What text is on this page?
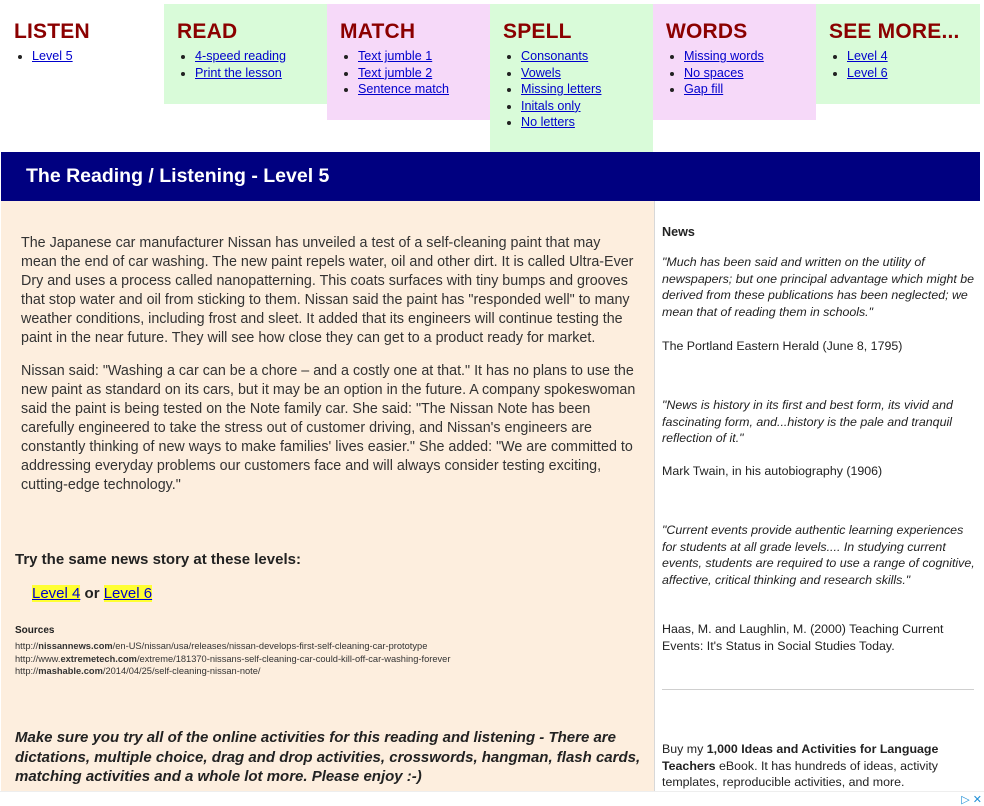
LISTEN
• Level 5
READ
• 4-speed reading
• Print the lesson
MATCH
• Text jumble 1
• Text jumble 2
• Sentence match
SPELL
• Consonants
• Vowels
• Missing letters
• Initals only
• No letters
WORDS
• Missing words
• No spaces
• Gap fill
SEE MORE...
• Level 4
• Level 6
The Reading / Listening - Level 5

The Japanese car manufacturer Nissan has unveiled a test of a self-cleaning paint that may mean the end of car washing. The new paint repels water, oil and other dirt. It is called Ultra-Ever Dry and uses a process called nanopatterning. This coats surfaces with tiny bumps and grooves that stop water and oil from sticking to them. Nissan said the paint has "responded well" to many weather conditions, including frost and sleet. It added that its engineers will continue testing the paint in the near future. They will see how close they can get to a product ready for market.

Nissan said: "Washing a car can be a chore – and a costly one at that." It has no plans to use the new paint as standard on its cars, but it may be an option in the future. A company spokeswoman said the paint is being tested on the Note family car. She said: "The Nissan Note has been carefully engineered to take the stress out of customer driving, and Nissan's engineers are constantly thinking of new ways to make families' lives easier." She added: "We are committed to addressing everyday problems our customers face and will always consider testing exciting, cutting-edge technology."

Try the same news story at these levels:
Level 4 or Level 6
Sources
http://nissannews.com/en-US/nissan/usa/releases/nissan-develops-first-self-cleaning-car-prototype
http://www.extremetech.com/extreme/181370-nissans-self-cleaning-car-could-kill-off-car-washing-forever
http://mashable.com/2014/04/25/self-cleaning-nissan-note/

Make sure you try all of the online activities for this reading and listening - There are dictations, multiple choice, drag and drop activities, crosswords, hangman, flash cards, matching activities and a whole lot more. Please enjoy :-)

News

"Much has been said and written on the utility of newspapers; but one principal advantage which might be derived from these publications has been neglected; we mean that of reading them in schools."

The Portland Eastern Herald (June 8, 1795)

"News is history in its first and best form, its vivid and fascinating form, and...history is the pale and tranquil reflection of it."

Mark Twain, in his autobiography (1906)

"Current events provide authentic learning experiences for students at all grade levels.... In studying current events, students are required to use a range of cognitive, affective, critical thinking and research skills."

Haas, M. and Laughlin, M. (2000) Teaching Current Events: It's Status in Social Studies Today.

Buy my 1,000 Ideas and Activities for Language Teachers eBook. It has hundreds of ideas, activity templates, reproducible activities, and more.

▷ ✕
